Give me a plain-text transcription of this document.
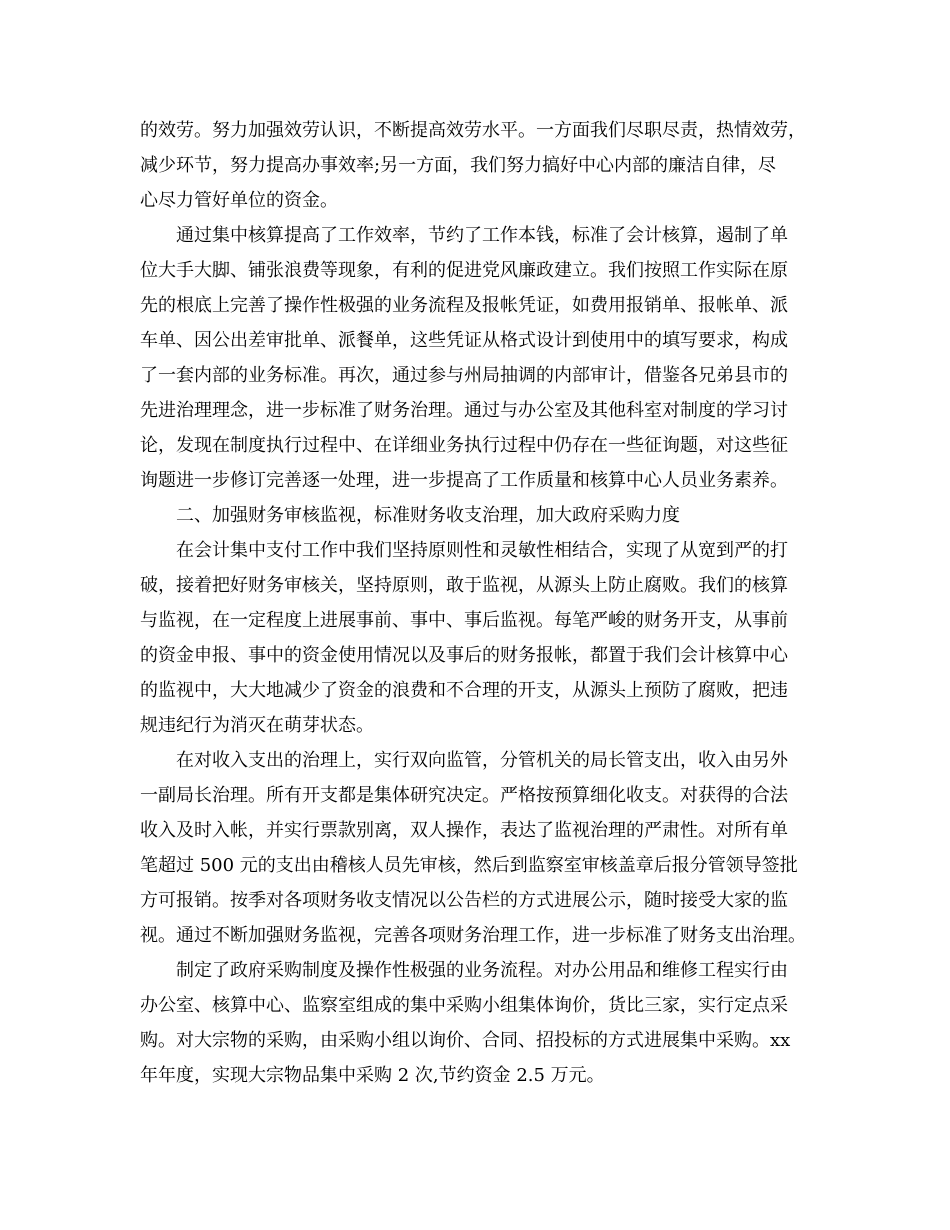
的效劳。努力加强效劳认识，不断提高效劳水平。一方面我们尽职尽责，热情效劳，
减少环节，努力提高办事效率;另一方面，我们努力搞好中心内部的廉洁自律，尽
心尽力管好单位的资金。
通过集中核算提高了工作效率，节约了工作本钱，标准了会计核算，遏制了单
位大手大脚、铺张浪费等现象，有利的促进党风廉政建立。我们按照工作实际在原
先的根底上完善了操作性极强的业务流程及报帐凭证，如费用报销单、报帐单、派
车单、因公出差审批单、派餐单，这些凭证从格式设计到使用中的填写要求，构成
了一套内部的业务标准。再次，通过参与州局抽调的内部审计，借鉴各兄弟县市的
先进治理理念，进一步标准了财务治理。通过与办公室及其他科室对制度的学习讨
论，发现在制度执行过程中、在详细业务执行过程中仍存在一些征询题，对这些征
询题进一步修订完善逐一处理，进一步提高了工作质量和核算中心人员业务素养。
二、加强财务审核监视，标准财务收支治理，加大政府采购力度
在会计集中支付工作中我们坚持原则性和灵敏性相结合，实现了从宽到严的打
破，接着把好财务审核关，坚持原则，敢于监视，从源头上防止腐败。我们的核算
与监视，在一定程度上进展事前、事中、事后监视。每笔严峻的财务开支，从事前
的资金申报、事中的资金使用情况以及事后的财务报帐，都置于我们会计核算中心
的监视中，大大地减少了资金的浪费和不合理的开支，从源头上预防了腐败，把违
规违纪行为消灭在萌芽状态。
在对收入支出的治理上，实行双向监管，分管机关的局长管支出，收入由另外
一副局长治理。所有开支都是集体研究决定。严格按预算细化收支。对获得的合法
收入及时入帐，并实行票款别离，双人操作，表达了监视治理的严肃性。对所有单
笔超过 500 元的支出由稽核人员先审核，然后到监察室审核盖章后报分管领导签批
方可报销。按季对各项财务收支情况以公告栏的方式进展公示，随时接受大家的监
视。通过不断加强财务监视，完善各项财务治理工作，进一步标准了财务支出治理。
制定了政府采购制度及操作性极强的业务流程。对办公用品和维修工程实行由
办公室、核算中心、监察室组成的集中采购小组集体询价，货比三家，实行定点采
购。对大宗物的采购，由采购小组以询价、合同、招投标的方式进展集中采购。xx
年年度，实现大宗物品集中采购 2 次,节约资金 2.5 万元。
